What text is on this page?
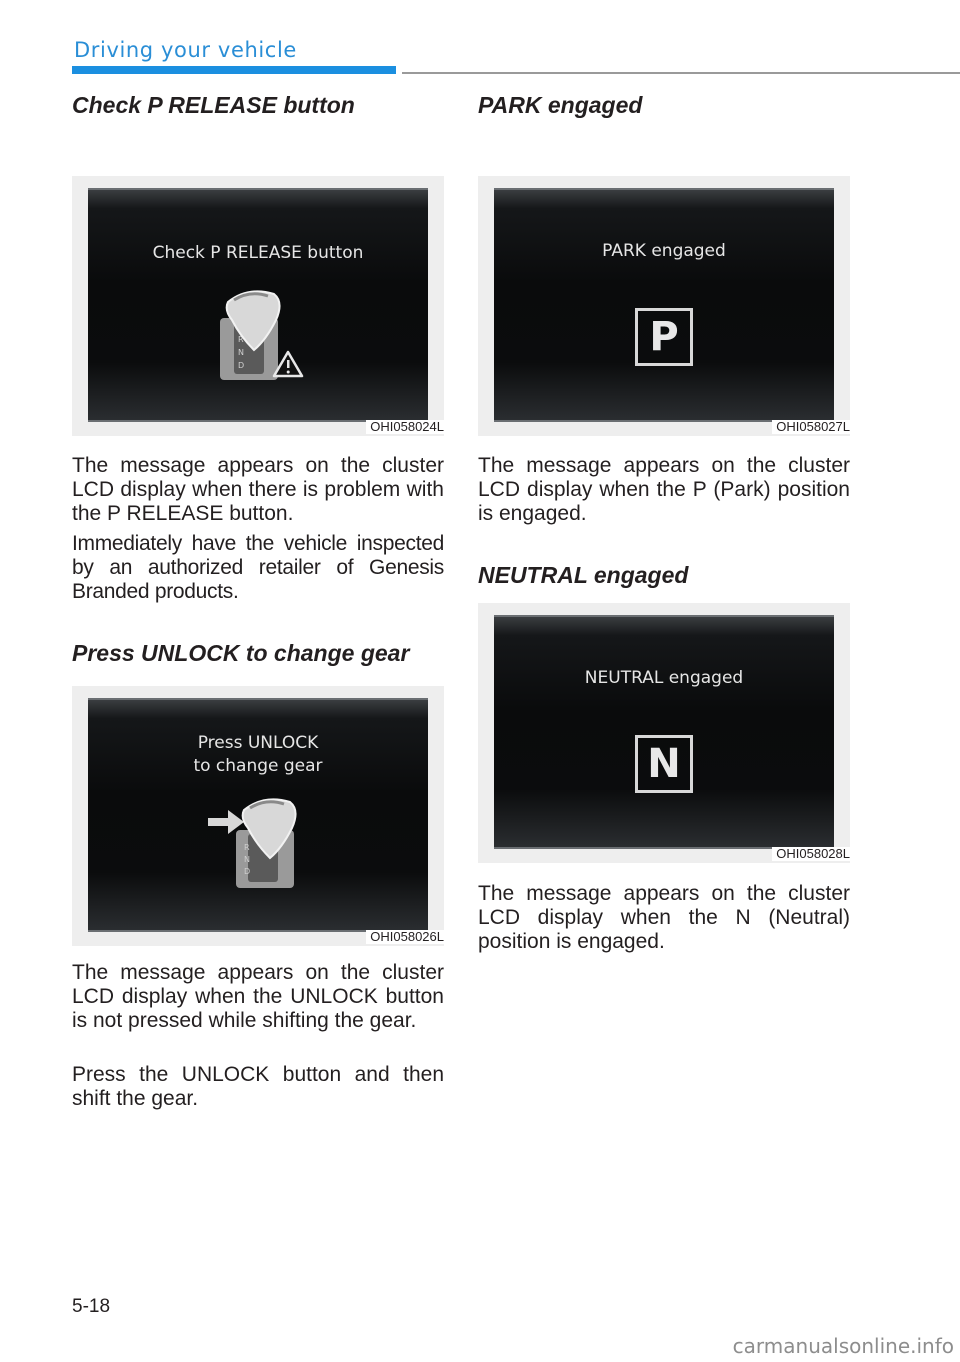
Driving your vehicle
Check P RELEASE button
Check P RELEASE button
R
N
D
OHI058024L
The message appears on the cluster LCD display when there is problem with the P RELEASE button.
Immediately have the vehicle inspected by an authorized retailer of Genesis Branded products.
Press UNLOCK to change gear
Press UNLOCK
to change gear
R
N
D
OHI058026L
The message appears on the cluster LCD display when the UNLOCK button is not pressed while shifting the gear.
Press the UNLOCK button and then shift the gear.
PARK engaged
PARK engaged
P
OHI058027L
The message appears on the cluster LCD display when the P (Park) position is engaged.
NEUTRAL engaged
NEUTRAL engaged
N
OHI058028L
The message appears on the cluster LCD display when the N (Neutral) position is engaged.
5-18
carmanualsonline.info
